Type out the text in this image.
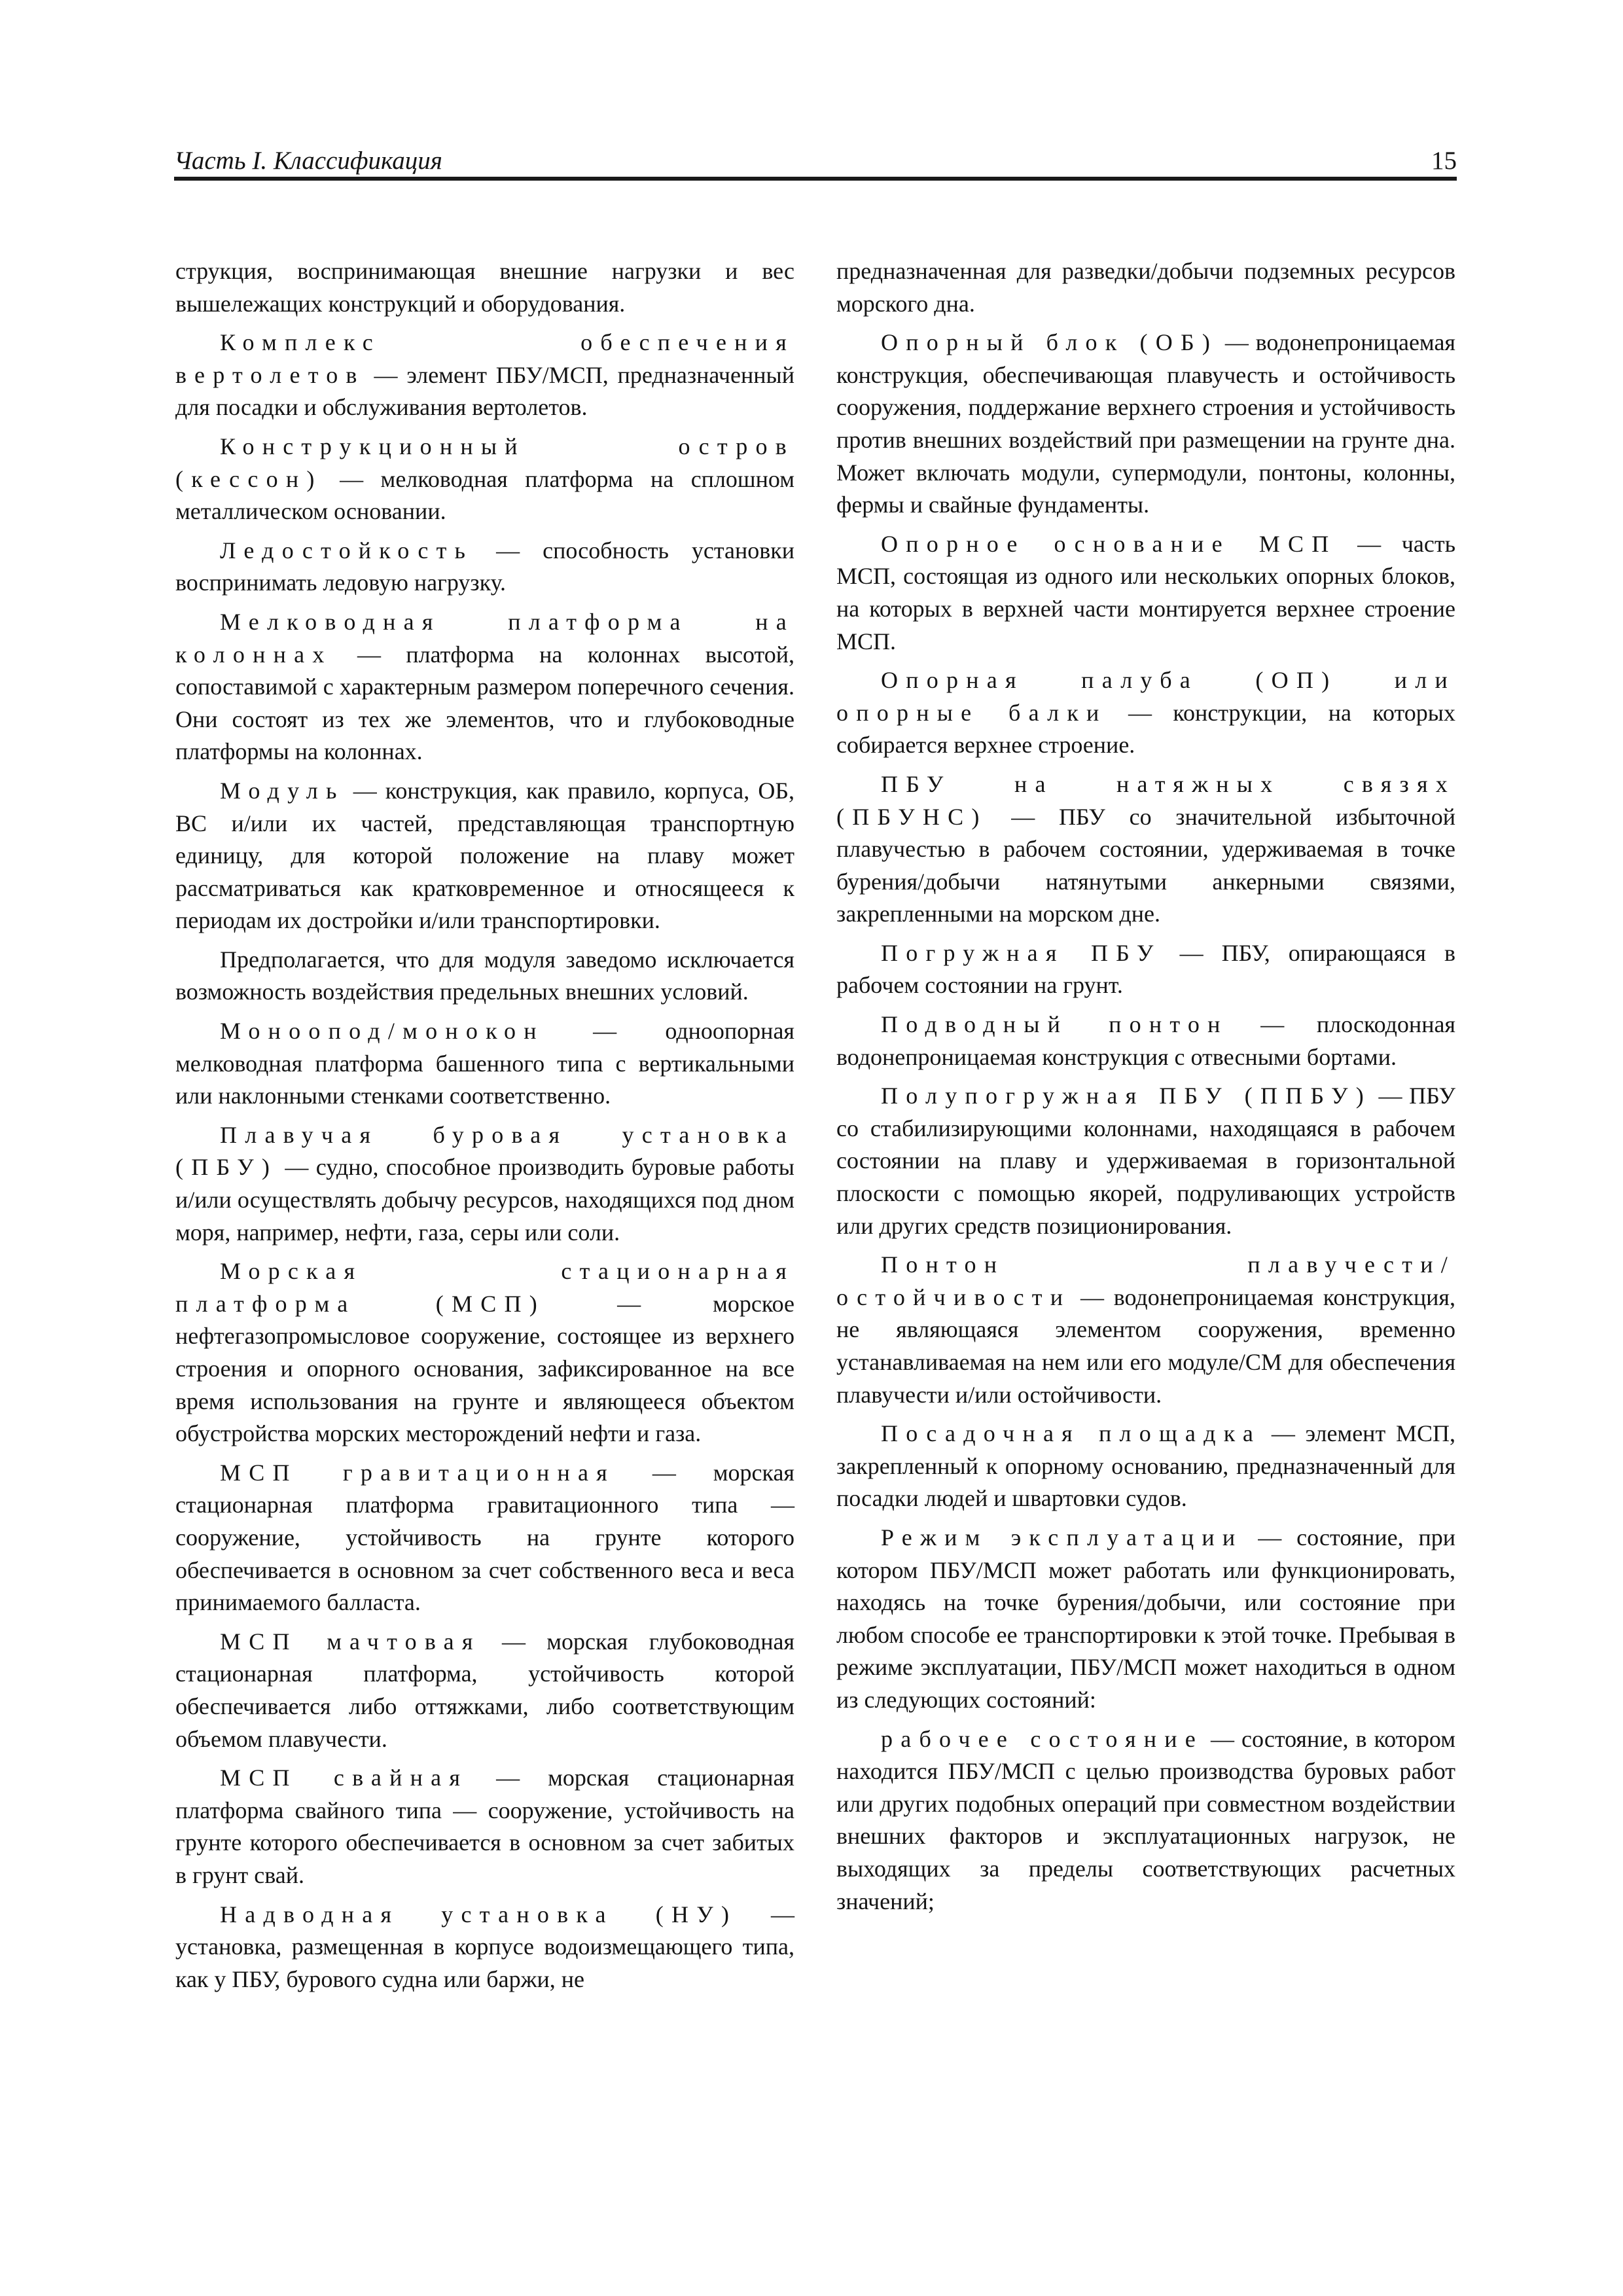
Часть I. Классификация	15

струкция, воспринимающая внешние нагрузки и вес вышележащих конструкций и оборудования.

Комплекс обеспечения вертолетов — элемент ПБУ/МСП, предназначенный для посадки и обслуживания вертолетов.

Конструкционный остров (кессон) — мелководная платформа на сплошном металлическом основании.

Ледостойкость — способность установки воспринимать ледовую нагрузку.

Мелководная платформа на колоннах — платформа на колоннах высотой, сопоставимой с характерным размером поперечного сечения. Они состоят из тех же элементов, что и глубоководные платформы на колоннах.

Модуль — конструкция, как правило, корпуса, ОБ, ВС и/или их частей, представляющая транспортную единицу, для которой положение на плаву может рассматриваться как кратковременное и относящееся к периодам их достройки и/или транспортировки.

Предполагается, что для модуля заведомо исключается возможность воздействия предельных внешних условий.

Моноопод/монокон — одноопорная мелководная платформа башенного типа с вертикальными или наклонными стенками соответственно.

Плавучая буровая установка (ПБУ) — судно, способное производить буровые работы и/или осуществлять добычу ресурсов, находящихся под дном моря, например, нефти, газа, серы или соли.

Морская стационарная платформа (МСП) — морское нефтегазопромысловое сооружение, состоящее из верхнего строения и опорного основания, зафиксированное на все время использования на грунте и являющееся объектом обустройства морских месторождений нефти и газа.

МСП гравитационная — морская стационарная платформа гравитационного типа — сооружение, устойчивость на грунте которого обеспечивается в основном за счет собственного веса и веса принимаемого балласта.

МСП мачтовая — морская глубоководная стационарная платформа, устойчивость которой обеспечивается либо оттяжками, либо соответствующим объемом плавучести.

МСП свайная — морская стационарная платформа свайного типа — сооружение, устойчивость на грунте которого обеспечивается в основном за счет забитых в грунт свай.

Надводная установка (НУ) — установка, размещенная в корпусе водоизмещающего типа, как у ПБУ, бурового судна или баржи, не

предназначенная для разведки/добычи подземных ресурсов морского дна.

Опорный блок (ОБ) — водонепроницаемая конструкция, обеспечивающая плавучесть и остойчивость сооружения, поддержание верхнего строения и устойчивость против внешних воздействий при размещении на грунте дна. Может включать модули, супермодули, понтоны, колонны, фермы и свайные фундаменты.

Опорное основание МСП — часть МСП, состоящая из одного или нескольких опорных блоков, на которых в верхней части монтируется верхнее строение МСП.

Опорная палуба (ОП) или опорные балки — конструкции, на которых собирается верхнее строение.

ПБУ на натяжных связях (ПБУНС) — ПБУ со значительной избыточной плавучестью в рабочем состоянии, удерживаемая в точке бурения/добычи натянутыми анкерными связями, закрепленными на морском дне.

Погружная ПБУ — ПБУ, опирающаяся в рабочем состоянии на грунт.

Подводный понтон — плоскодонная водонепроницаемая конструкция с отвесными бортами.

Полупогружная ПБУ (ППБУ) — ПБУ со стабилизирующими колоннами, находящаяся в рабочем состоянии на плаву и удерживаемая в горизонтальной плоскости с помощью якорей, подруливающих устройств или других средств позиционирования.

Понтон плавучести/остойчивости — водонепроницаемая конструкция, не являющаяся элементом сооружения, временно устанавливаемая на нем или его модуле/СМ для обеспечения плавучести и/или остойчивости.

Посадочная площадка — элемент МСП, закрепленный к опорному основанию, предназначенный для посадки людей и швартовки судов.

Режим эксплуатации — состояние, при котором ПБУ/МСП может работать или функционировать, находясь на точке бурения/добычи, или состояние при любом способе ее транспортировки к этой точке. Пребывая в режиме эксплуатации, ПБУ/МСП может находиться в одном из следующих состояний:

рабочее состояние — состояние, в котором находится ПБУ/МСП с целью производства буровых работ или других подобных операций при совместном воздействии внешних факторов и эксплуатационных нагрузок, не выходящих за пределы соответствующих расчетных значений;
